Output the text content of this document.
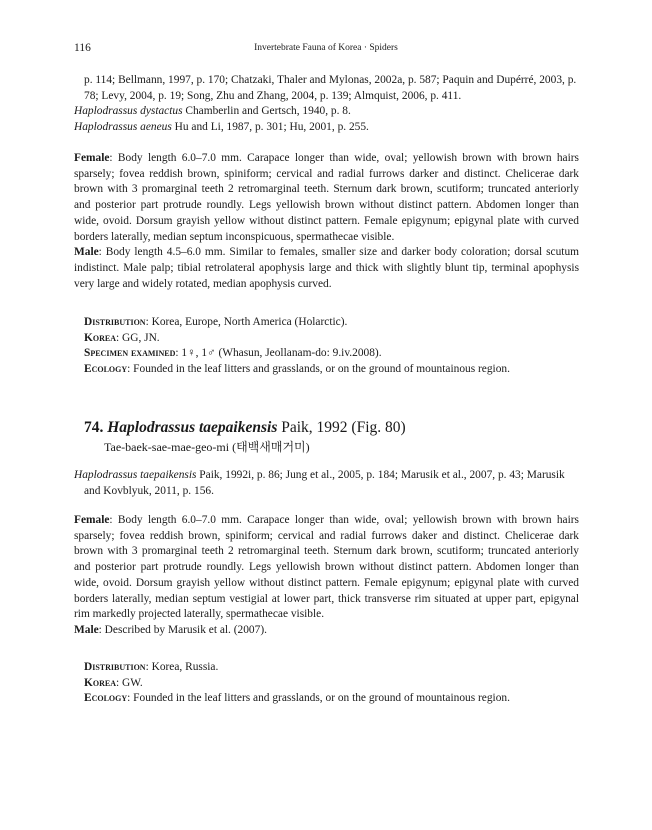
116	Invertebrate Fauna of Korea · Spiders

p. 114; Bellmann, 1997, p. 170; Chatzaki, Thaler and Mylonas, 2002a, p. 587; Paquin and Dupérré, 2003, p. 78; Levy, 2004, p. 19; Song, Zhu and Zhang, 2004, p. 139; Almquist, 2006, p. 411.

Haplodrassus dystactus Chamberlin and Gertsch, 1940, p. 8.

Haplodrassus aeneus Hu and Li, 1987, p. 301; Hu, 2001, p. 255.

Female: Body length 6.0–7.0 mm. Carapace longer than wide, oval; yellowish brown with brown hairs sparsely; fovea reddish brown, spiniform; cervical and radial furrows darker and distinct. Chelicerae dark brown with 3 promarginal teeth 2 retromarginal teeth. Sternum dark brown, scutiform; truncated anteriorly and posterior part protrude roundly. Legs yellowish brown without distinct pattern. Abdomen longer than wide, ovoid. Dorsum grayish yellow without distinct pattern. Female epigynum; epigynal plate with curved borders laterally, median septum inconspicuous, spermathecae visible.

Male: Body length 4.5–6.0 mm. Similar to females, smaller size and darker body coloration; dorsal scutum indistinct. Male palp; tibial retrolateral apophysis large and thick with slightly blunt tip, terminal apophysis very large and widely rotated, median apophysis curved.

Distribution: Korea, Europe, North America (Holarctic).

Korea: GG, JN.

Specimen examined: 1♀, 1♂ (Whasun, Jeollanam-do: 9.iv.2008).

Ecology: Founded in the leaf litters and grasslands, or on the ground of mountainous region.

74. Haplodrassus taepaikensis Paik, 1992 (Fig. 80)

Tae-baek-sae-mae-geo-mi (태백새매거미)

Haplodrassus taepaikensis Paik, 1992i, p. 86; Jung et al., 2005, p. 184; Marusik et al., 2007, p. 43; Marusik and Kovblyuk, 2011, p. 156.

Female: Body length 6.0–7.0 mm. Carapace longer than wide, oval; yellowish brown with brown hairs sparsely; fovea reddish brown, spiniform; cervical and radial furrows daker and distinct. Chelicerae dark brown with 3 promarginal teeth 2 retromarginal teeth. Sternum dark brown, scutiform; truncated anteriorly and posterior part protrude roundly. Legs yellowish brown without distinct pattern. Abdomen longer than wide, ovoid. Dorsum grayish yellow without distinct pattern. Female epigynum; epigynal plate with curved borders laterally, median septum vestigial at lower part, thick transverse rim situated at upper part, epigynal rim markedly projected laterally, spermathecae visible.

Male: Described by Marusik et al. (2007).

Distribution: Korea, Russia.

Korea: GW.

Ecology: Founded in the leaf litters and grasslands, or on the ground of mountainous region.
